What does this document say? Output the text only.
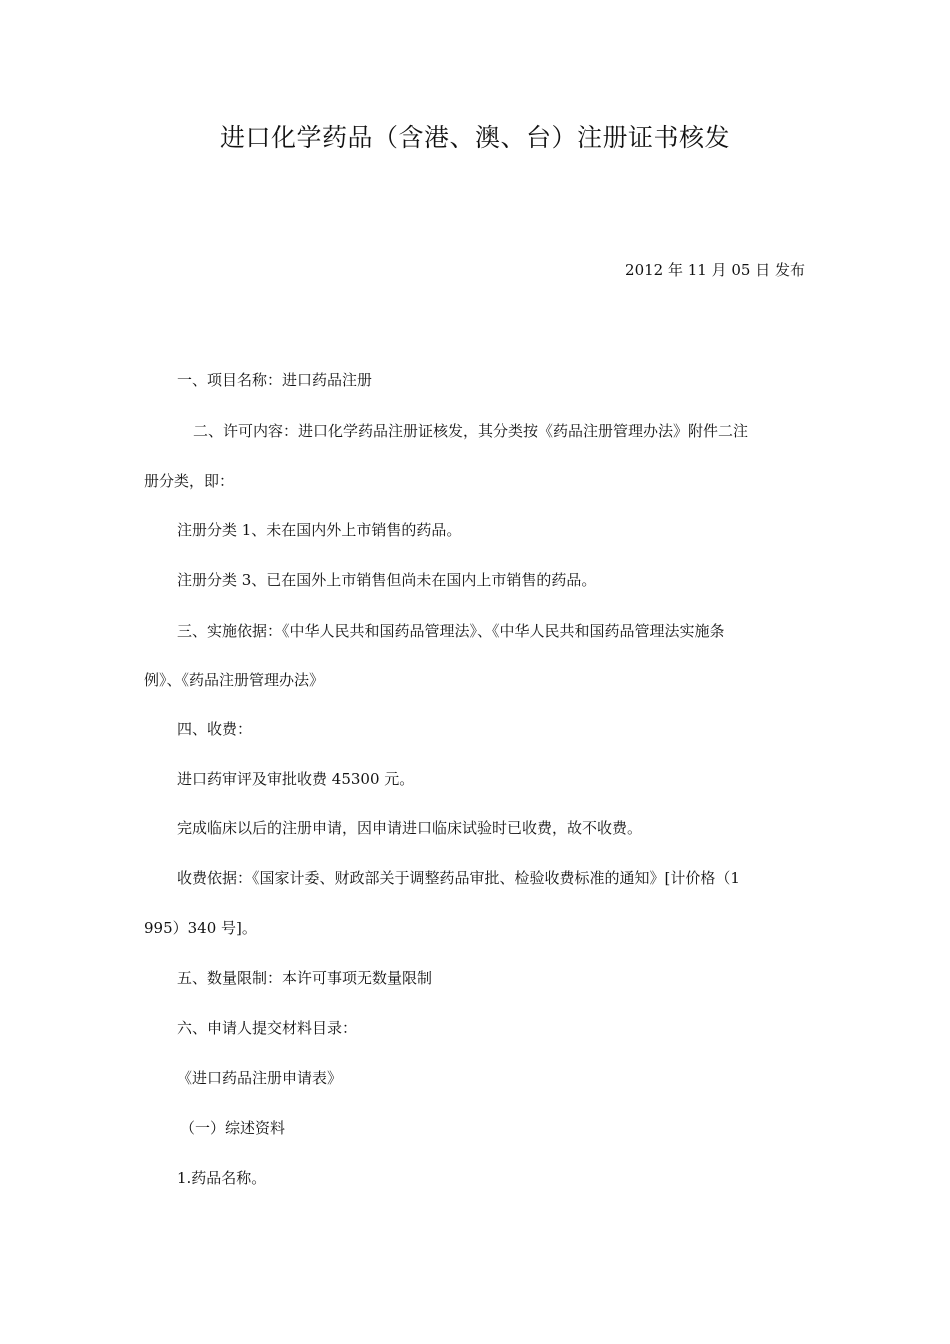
进口化学药品（含港、澳、台）注册证书核发
2012 年 11 月 05 日 发布
一、项目名称：进口药品注册
二、许可内容：进口化学药品注册证核发，其分类按《药品注册管理办法》附件二注
册分类，即：
注册分类 1、未在国内外上市销售的药品。
注册分类 3、已在国外上市销售但尚未在国内上市销售的药品。
三、实施依据：《中华人民共和国药品管理法》、《中华人民共和国药品管理法实施条
例》、《药品注册管理办法》
四、收费：
进口药审评及审批收费 45300 元。
完成临床以后的注册申请，因申请进口临床试验时已收费，故不收费。
收费依据：《国家计委、财政部关于调整药品审批、检验收费标准的通知》[计价格（1
995）340 号]。
五、数量限制：本许可事项无数量限制
六、申请人提交材料目录：
《进口药品注册申请表》
（一）综述资料
1.药品名称。
